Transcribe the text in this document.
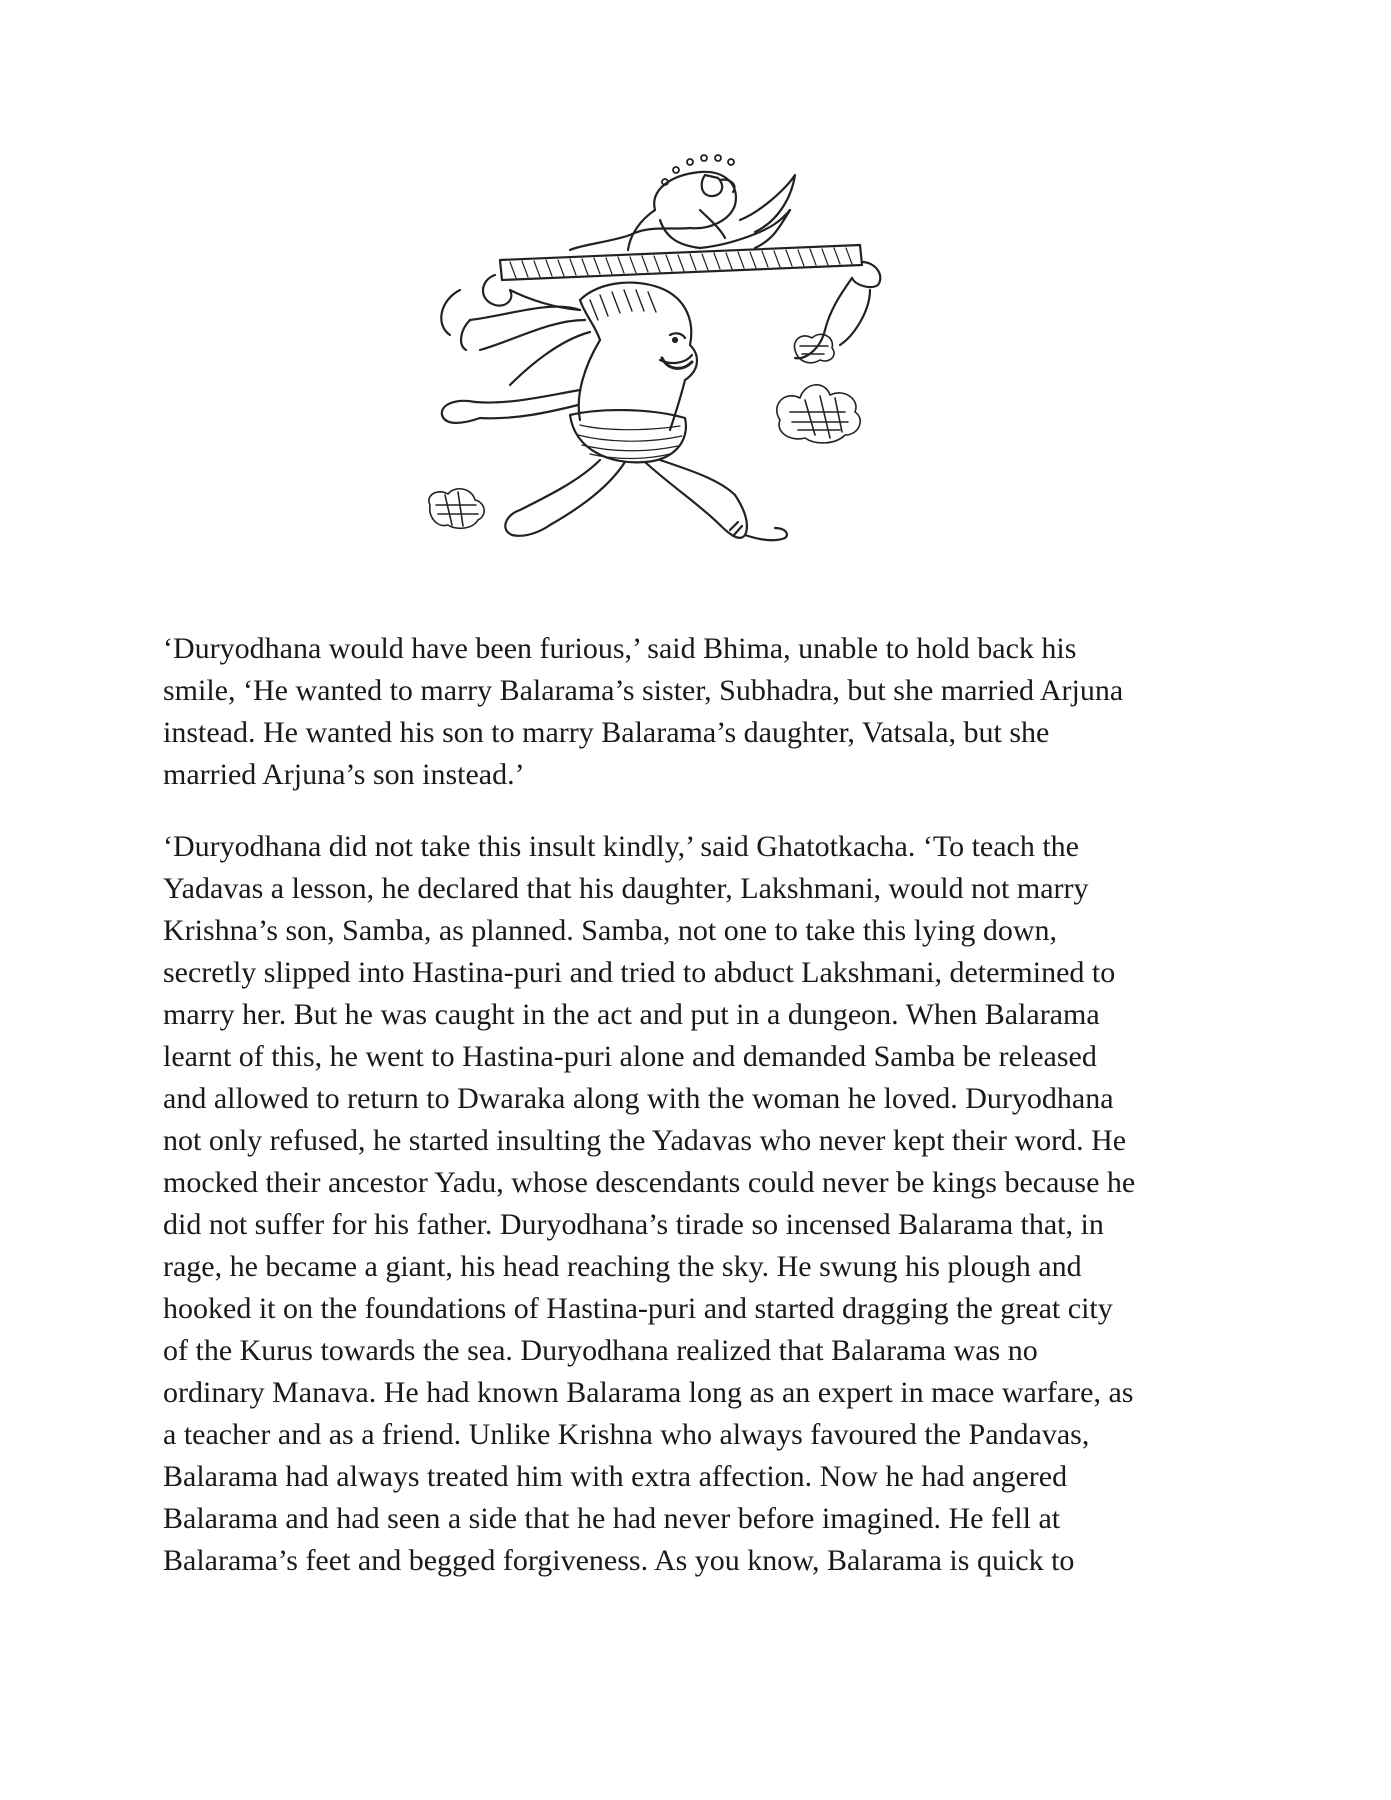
‘Duryodhana would have been furious,’ said Bhima, unable to hold back his
smile, ‘He wanted to marry Balarama’s sister, Subhadra, but she married Arjuna
instead. He wanted his son to marry Balarama’s daughter, Vatsala, but she
married Arjuna’s son instead.’
‘Duryodhana did not take this insult kindly,’ said Ghatotkacha. ‘To teach the
Yadavas a lesson, he declared that his daughter, Lakshmani, would not marry
Krishna’s son, Samba, as planned. Samba, not one to take this lying down,
secretly slipped into Hastina-puri and tried to abduct Lakshmani, determined to
marry her. But he was caught in the act and put in a dungeon. When Balarama
learnt of this, he went to Hastina-puri alone and demanded Samba be released
and allowed to return to Dwaraka along with the woman he loved. Duryodhana
not only refused, he started insulting the Yadavas who never kept their word. He
mocked their ancestor Yadu, whose descendants could never be kings because he
did not suffer for his father. Duryodhana’s tirade so incensed Balarama that, in
rage, he became a giant, his head reaching the sky. He swung his plough and
hooked it on the foundations of Hastina-puri and started dragging the great city
of the Kurus towards the sea. Duryodhana realized that Balarama was no
ordinary Manava. He had known Balarama long as an expert in mace warfare, as
a teacher and as a friend. Unlike Krishna who always favoured the Pandavas,
Balarama had always treated him with extra affection. Now he had angered
Balarama and had seen a side that he had never before imagined. He fell at
Balarama’s feet and begged forgiveness. As you know, Balarama is quick to
